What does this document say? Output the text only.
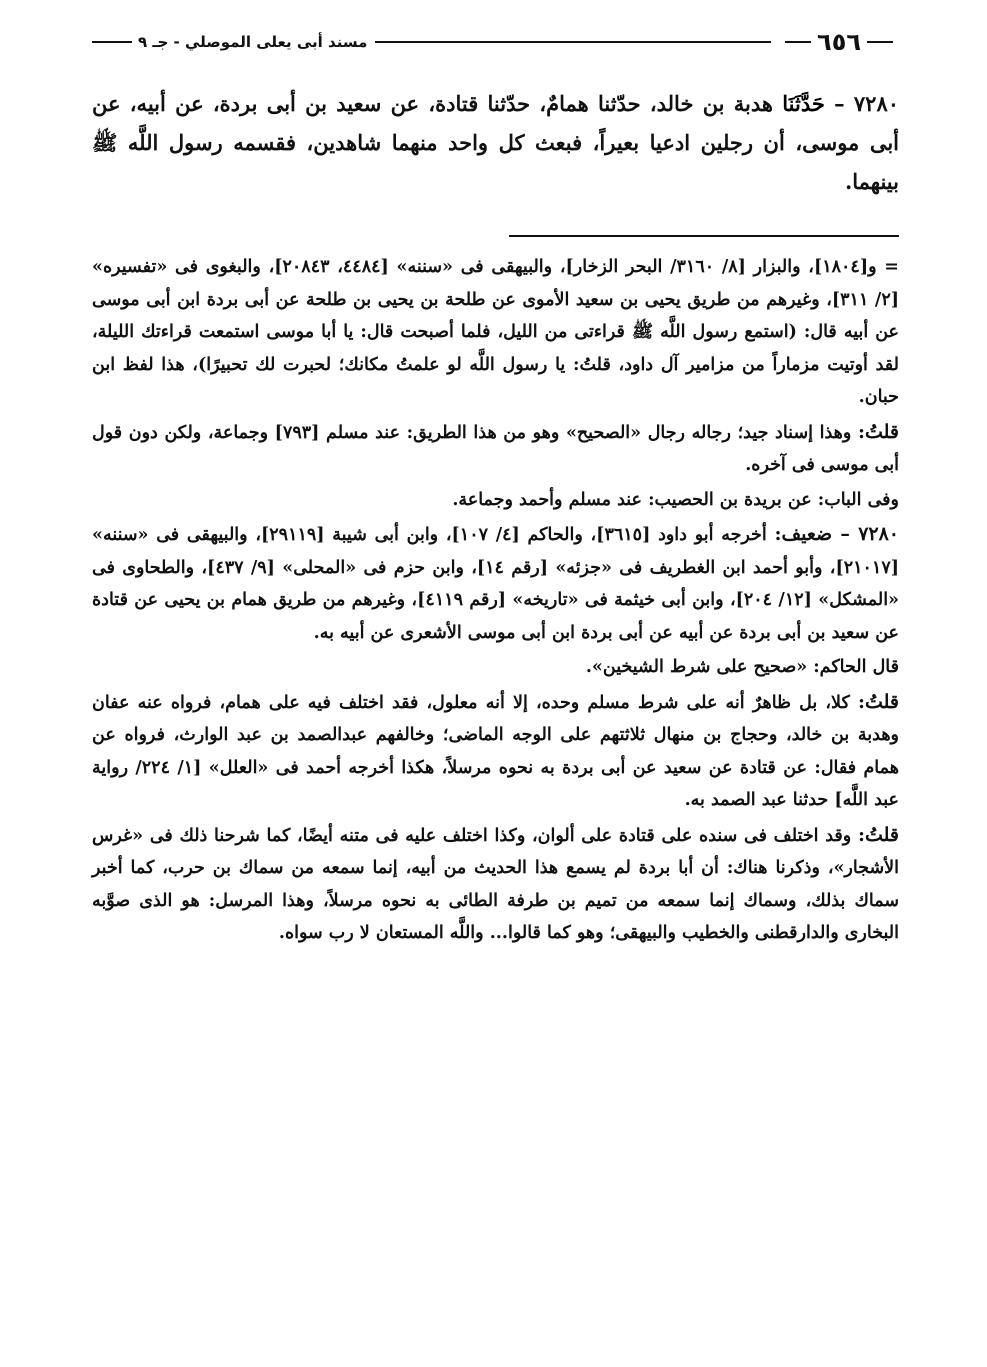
٦٥٦
مسند أبى يعلى الموصلي - جـ ٩
٧٢٨٠ – حَدَّثَنَا هدبة بن خالد، حدّثنا همامٌ، حدّثنا قتادة، عن سعيد بن أبى بردة، عن أبيه، عن أبى موسى، أن رجلين ادعيا بعيراً، فبعث كل واحد منهما شاهدين، فقسمه رسول اللَّه ﷺ بينهما.

= و[١٨٠٤]، والبزار [٨/ ٣١٦٠/ البحر الزخار]، والبيهقى فى «سننه» [٤٤٨٤، ٢٠٨٤٣]، والبغوى فى «تفسيره» [٢/ ٣١١]، وغيرهم من طريق يحيى بن سعيد الأموى عن طلحة بن يحيى بن طلحة عن أبى بردة ابن أبى موسى عن أبيه قال: (استمع رسول اللَّه ﷺ قراءتى من الليل، فلما أصبحت قال: يا أبا موسى استمعت قراءتك الليلة، لقد أوتيت مزماراً من مزامير آل داود، قلتُ: يا رسول اللَّه لو علمتُ مكانك؛ لحبرت لك تحبيرًا)، هذا لفظ ابن حبان.

قلتُ: وهذا إسناد جيد؛ رجاله رجال «الصحيح» وهو من هذا الطريق: عند مسلم [٧٩٣] وجماعة، ولكن دون قول أبى موسى فى آخره.

وفى الباب: عن بريدة بن الحصيب: عند مسلم وأحمد وجماعة.

٧٢٨٠ – ضعيف: أخرجه أبو داود [٣٦١٥]، والحاكم [٤/ ١٠٧]، وابن أبى شيبة [٢٩١١٩]، والبيهقى فى «سننه» [٢١٠١٧]، وأبو أحمد ابن الغطريف فى «جزئه» [رقم ١٤]، وابن حزم فى «المحلى» [٩/ ٤٣٧]، والطحاوى فى «المشكل» [١٢/ ٢٠٤]، وابن أبى خيثمة فى «تاريخه» [رقم ٤١١٩]، وغيرهم من طريق همام بن يحيى عن قتادة عن سعيد بن أبى بردة عن أبيه عن أبى بردة ابن أبى موسى الأشعرى عن أبيه به.

قال الحاكم: «صحيح على شرط الشيخين».

قلتُ: كلا، بل ظاهرٌ أنه على شرط مسلم وحده، إلا أنه معلول، فقد اختلف فيه على همام، فرواه عنه عفان وهدبة بن خالد، وحجاج بن منهال ثلاثتهم على الوجه الماضى؛ وخالفهم عبدالصمد بن عبد الوارث، فرواه عن همام فقال: عن قتادة عن سعيد عن أبى بردة به نحوه مرسلاً، هكذا أخرجه أحمد فى «العلل» [١/ ٢٢٤/ رواية عبد اللَّه] حدثنا عبد الصمد به.

قلتُ: وقد اختلف فى سنده على قتادة على ألوان، وكذا اختلف عليه فى متنه أيضًا، كما شرحنا ذلك فى «غرس الأشجار»، وذكرنا هناك: أن أبا بردة لم يسمع هذا الحديث من أبيه، إنما سمعه من سماك بن حرب، كما أخبر سماك بذلك، وسماك إنما سمعه من تميم بن طرفة الطائى به نحوه مرسلاً، وهذا المرسل: هو الذى صوَّبه البخارى والدارقطنى والخطيب والبيهقى؛ وهو كما قالوا... واللَّه المستعان لا رب سواه.
